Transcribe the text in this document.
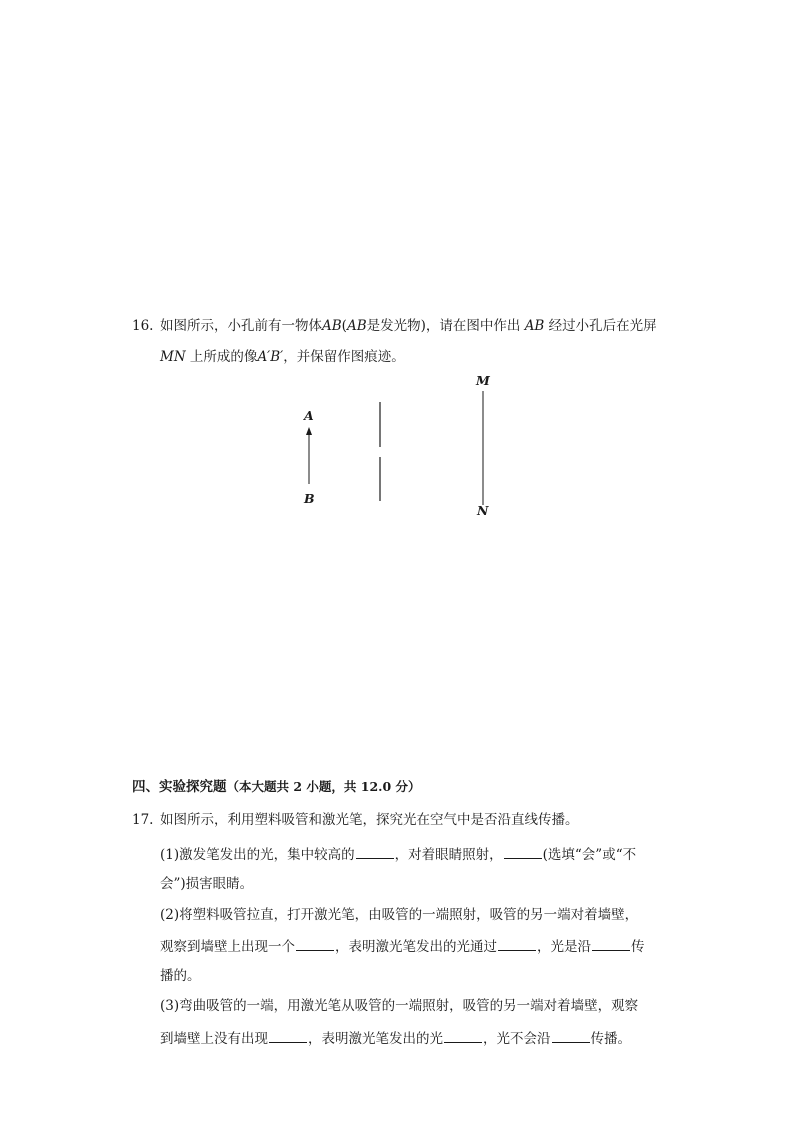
16. 如图所示，小孔前有一物体AB(AB是发光物)，请在图中作出 AB 经过小孔后在光屏
MN 上所成的像A′B′，并保留作图痕迹。
A
B
M
N
四、实验探究题（本大题共 2 小题，共 12.0 分）
17. 如图所示，利用塑料吸管和激光笔，探究光在空气中是否沿直线传播。
(1)激发笔发出的光，集中较高的	，对着眼睛照射，	(选填“会”或“不
会”)损害眼睛。
(2)将塑料吸管拉直，打开激光笔，由吸管的一端照射，吸管的另一端对着墙壁，
观察到墙壁上出现一个	，表明激光笔发出的光通过	，光是沿	传
播的。
(3)弯曲吸管的一端，用激光笔从吸管的一端照射，吸管的另一端对着墙壁，观察
到墙壁上没有出现	，表明激光笔发出的光	，光不会沿	传播。
